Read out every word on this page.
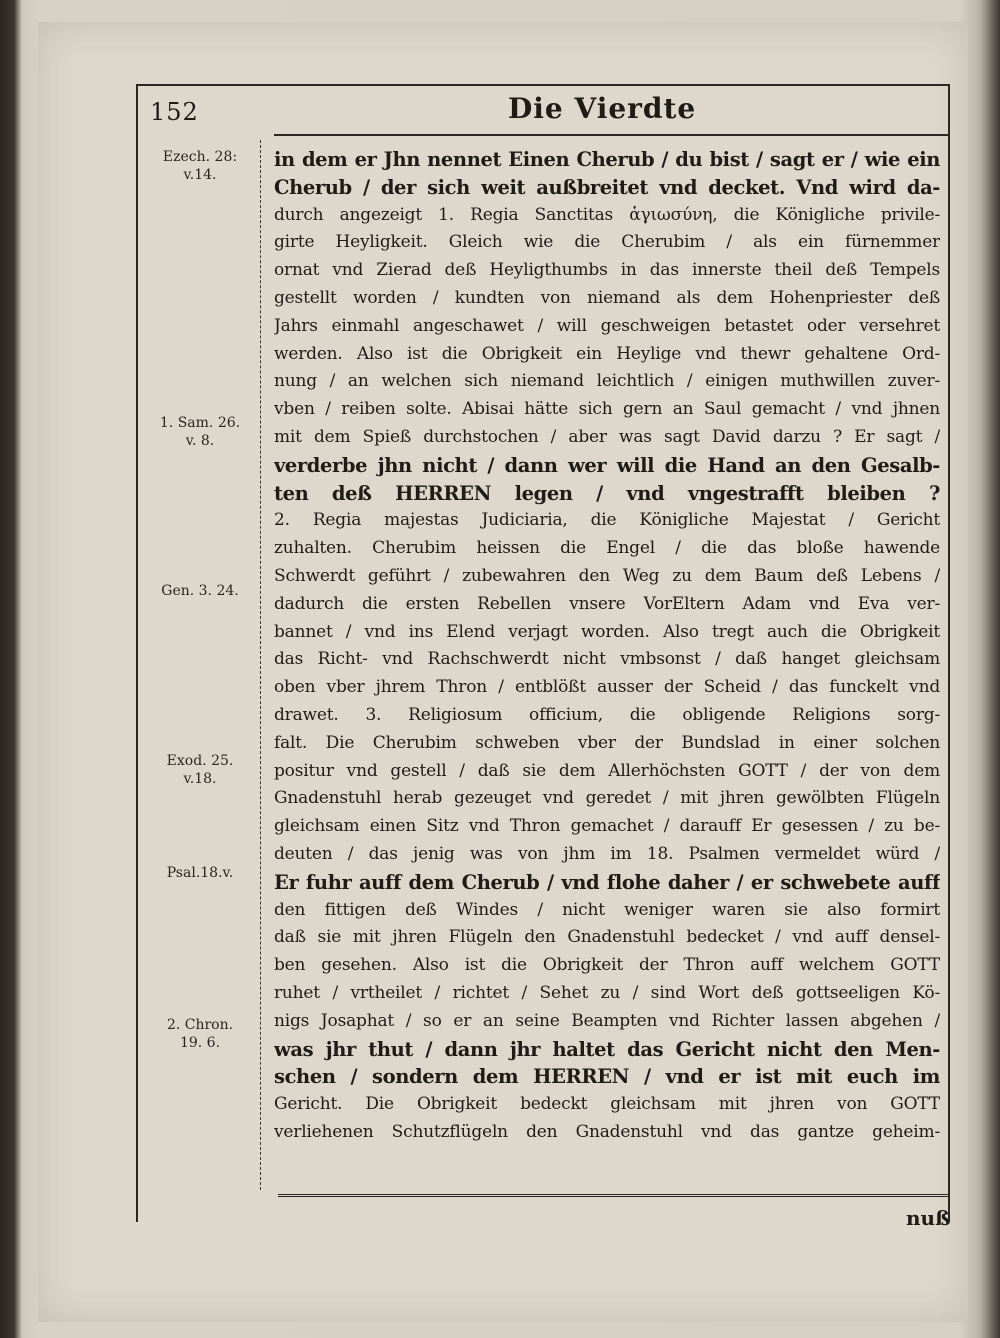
152	Die Vierdte
Ezech. 28:
v.14.
1. Sam. 26.
v. 8.
Gen. 3. 24.
Exod. 25.
v.18.
Psal.18.v.
2. Chron.
19. 6.
in dem er Jhn nennet Einen Cherub / du bist / sagt er / wie ein
Cherub / der sich weit außbreitet vnd decket. Vnd wird da-
durch angezeigt 1. Regia Sanctitas ἁγιωσύνη, die Königliche privile-
girte Heyligkeit. Gleich wie die Cherubim / als ein fürnemmer
ornat vnd Zierad deß Heyligthumbs in das innerste theil deß Tempels
gestellt worden / kundten von niemand als dem Hohenpriester deß
Jahrs einmahl angeschawet / will geschweigen betastet oder versehret
werden. Also ist die Obrigkeit ein Heylige vnd thewr gehaltene Ord-
nung / an welchen sich niemand leichtlich / einigen muthwillen zuver-
vben / reiben solte. Abisai hätte sich gern an Saul gemacht / vnd jhnen
mit dem Spieß durchstochen / aber was sagt David darzu ? Er sagt /
verderbe jhn nicht / dann wer will die Hand an den Gesalb-
ten deß HERREN legen / vnd vngestrafft bleiben ?
2. Regia majestas Judiciaria, die Königliche Majestat / Gericht
zuhalten. Cherubim heissen die Engel / die das bloße hawende
Schwerdt geführt / zubewahren den Weg zu dem Baum deß Lebens /
dadurch die ersten Rebellen vnsere VorEltern Adam vnd Eva ver-
bannet / vnd ins Elend verjagt worden. Also tregt auch die Obrigkeit
das Richt- vnd Rachschwerdt nicht vmbsonst / daß hanget gleichsam
oben vber jhrem Thron / entblößt ausser der Scheid / das funckelt vnd
drawet. 3. Religiosum officium, die obligende Religions sorg-
falt. Die Cherubim schweben vber der Bundslad in einer solchen
positur vnd gestell / daß sie dem Allerhöchsten GOTT / der von dem
Gnadenstuhl herab gezeuget vnd geredet / mit jhren gewölbten Flügeln
gleichsam einen Sitz vnd Thron gemachet / darauff Er gesessen / zu be-
deuten / das jenig was von jhm im 18. Psalmen vermeldet würd /
Er fuhr auff dem Cherub / vnd flohe daher / er schwebete auff
den fittigen deß Windes / nicht weniger waren sie also formirt
daß sie mit jhren Flügeln den Gnadenstuhl bedecket / vnd auff densel-
ben gesehen. Also ist die Obrigkeit der Thron auff welchem GOTT
ruhet / vrtheilet / richtet / Sehet zu / sind Wort deß gottseeligen Kö-
nigs Josaphat / so er an seine Beampten vnd Richter lassen abgehen /
was jhr thut / dann jhr haltet das Gericht nicht den Men-
schen / sondern dem HERREN / vnd er ist mit euch im
Gericht. Die Obrigkeit bedeckt gleichsam mit jhren von GOTT
verliehenen Schutzflügeln den Gnadenstuhl vnd das gantze geheim-
nuß
